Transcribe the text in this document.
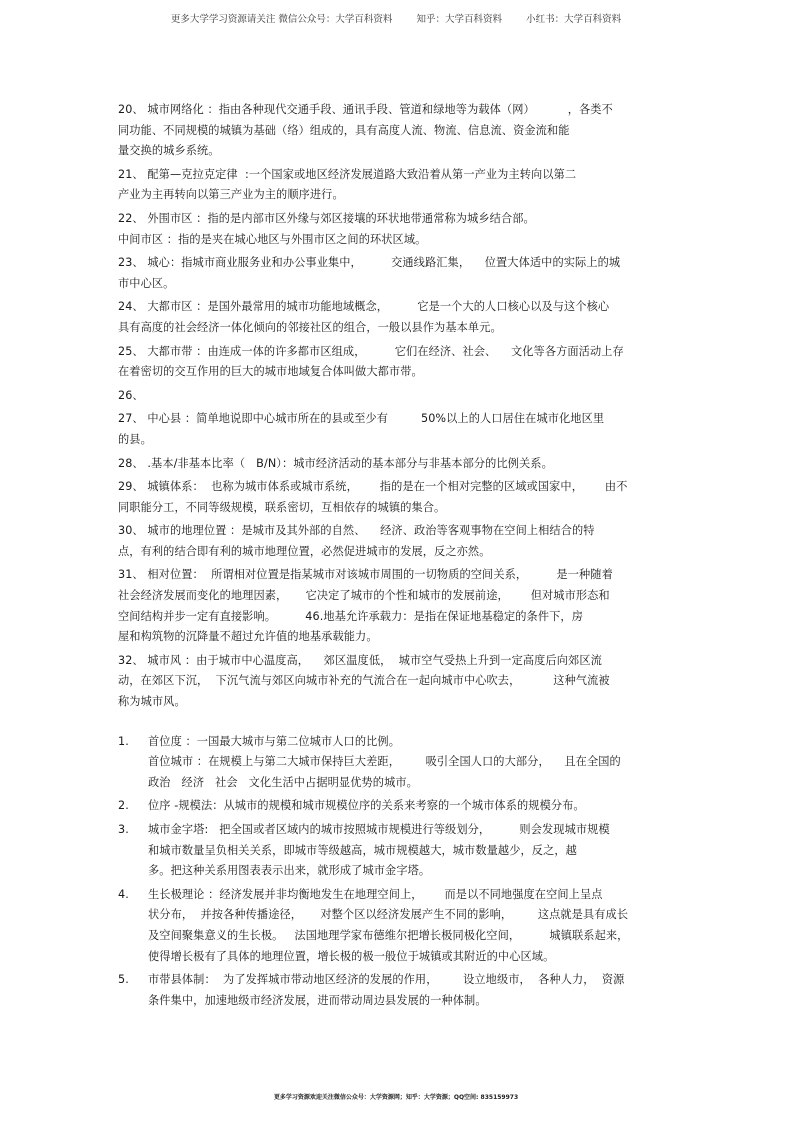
更多大学学习资源请关注 微信公众号：大学百科资料        知乎：大学百科资料        小红书：大学百科资料

20、 城市网络化 ：指由各种现代交通手段、通讯手段、管道和绿地等为载体（网）         ，各类不

同功能、不同规模的城镇为基础（络）组成的，具有高度人流、物流、信息流、资金流和能

量交换的城乡系统。

21、 配第—克拉克定律  :一个国家或地区经济发展道路大致沿着从第一产业为主转向以第二

产业为主再转向以第三产业为主的顺序进行。

22、 外围市区 ：指的是内部市区外缘与郊区接壤的环状地带通常称为城乡结合部。

中间市区 ：指的是夹在城心地区与外围市区之间的环状区域。

23、 城心：指城市商业服务业和办公事业集中，        交通线路汇集，    位置大体适中的实际上的城

市中心区。

24、 大都市区 ：是国外最常用的城市功能地域概念，        它是一个大的人口核心以及与这个核心

具有高度的社会经济一体化倾向的邻接社区的组合，一般以县作为基本单元。

25、 大都市带 ：由连成一体的许多都市区组成，        它们在经济、社会、    文化等各方面活动上存

在着密切的交互作用的巨大的城市地域复合体叫做大都市带。

26、

27、 中心县 ：简单地说即中心城市所在的县或至少有         50%以上的人口居住在城市化地区里

的县。

28、 .基本/非基本比率（   B/N）：城市经济活动的基本部分与非基本部分的比例关系。

29、 城镇体系：  也称为城市体系或城市系统，      指的是在一个相对完整的区域或国家中，      由不

同职能分工，不同等级规模，联系密切，互相依存的城镇的集合。

30、 城市的地理位置 ：是城市及其外部的自然、    经济、政治等客观事物在空间上相结合的特

点，有利的结合即有利的城市地理位置，必然促进城市的发展，反之亦然。

31、 相对位置：  所谓相对位置是指某城市对该城市周围的一切物质的空间关系，        是一种随着

社会经济发展而变化的地理因素，     它决定了城市的个性和城市的发展前途，      但对城市形态和

空间结构并步一定有直接影响。        46.地基允许承载力：是指在保证地基稳定的条件下，房

屋和构筑物的沉降量不超过允许值的地基承载能力。

32、 城市风 ：由于城市中心温度高，    郊区温度低，  城市空气受热上升到一定高度后向郊区流

动，在郊区下沉，  下沉气流与郊区向城市补充的气流合在一起向城市中心吹去，         这种气流被

称为城市风。

1. 首位度 ：一国最大城市与第二位城市人口的比例。

首位城市 ：在规模上与第二大城市保持巨大差距，       吸引全国人口的大部分，    且在全国的

政治   经济   社会   文化生活中占据明显优势的城市。

2. 位序 -规模法：从城市的规模和城市规模位序的关系来考察的一个城市体系的规模分布。

3. 城市金字塔:   把全国或者区域内的城市按照城市规模进行等级划分，        则会发现城市规模

和城市数量呈负相关关系，即城市等级越高，城市规模越大，城市数量越少，反之，越

多。把这种关系用图表表示出来，就形成了城市金字塔。

4. 生长极理论 ：经济发展并非均衡地发生在地理空间上，      而是以不同地强度在空间上呈点

状分布，  并按各种传播途径，     对整个区以经济发展产生不同的影响，       这点就是具有成长

及空间聚集意义的生长极。   法国地理学家布德维尔把增长极同极化空间，        城镇联系起来，

使得增长极有了具体的地理位置，增长极的极一般位于城镇或其附近的中心区域。

5. 市带县体制：  为了发挥城市带动地区经济的发展的作用，       设立地级市，  各种人力，  资源

条件集中，加速地级市经济发展，进而带动周边县发展的一种体制。

更多学习资源欢迎关注微信公众号：大学资源网；知乎：大学资源；QQ空间: 835159973
